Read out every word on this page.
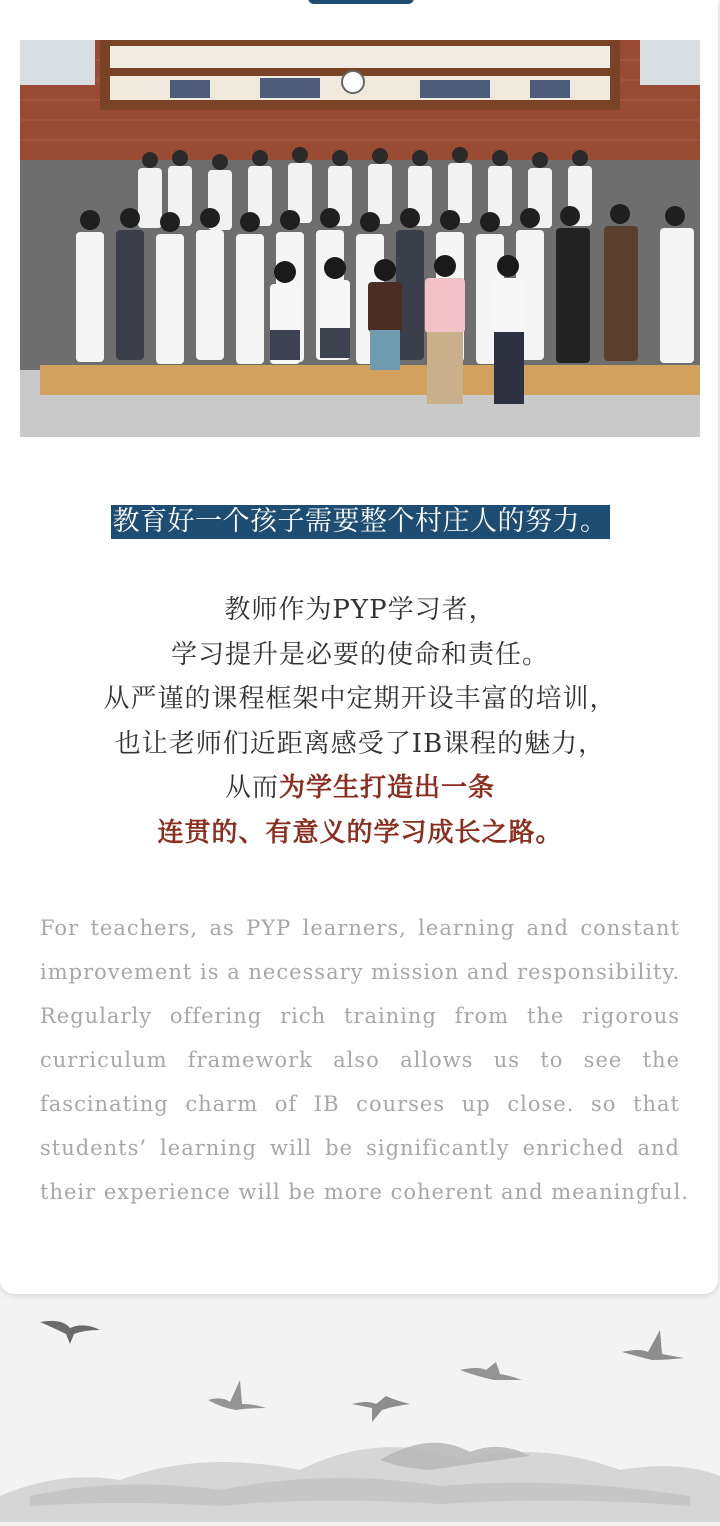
教育好一个孩子需要整个村庄人的努力。
教师作为PYP学习者，
学习提升是必要的使命和责任。
从严谨的课程框架中定期开设丰富的培训，
也让老师们近距离感受了IB课程的魅力，
从而为学生打造出一条
连贯的、有意义的学习成长之路。
For teachers, as PYP learners, learning and constant
improvement is a necessary mission and responsibility.
Regularly offering rich training from the rigorous
curriculum framework also allows us to see the
fascinating charm of IB courses up close. so that
students’ learning will be significantly enriched and
their experience will be more coherent and meaningful.
